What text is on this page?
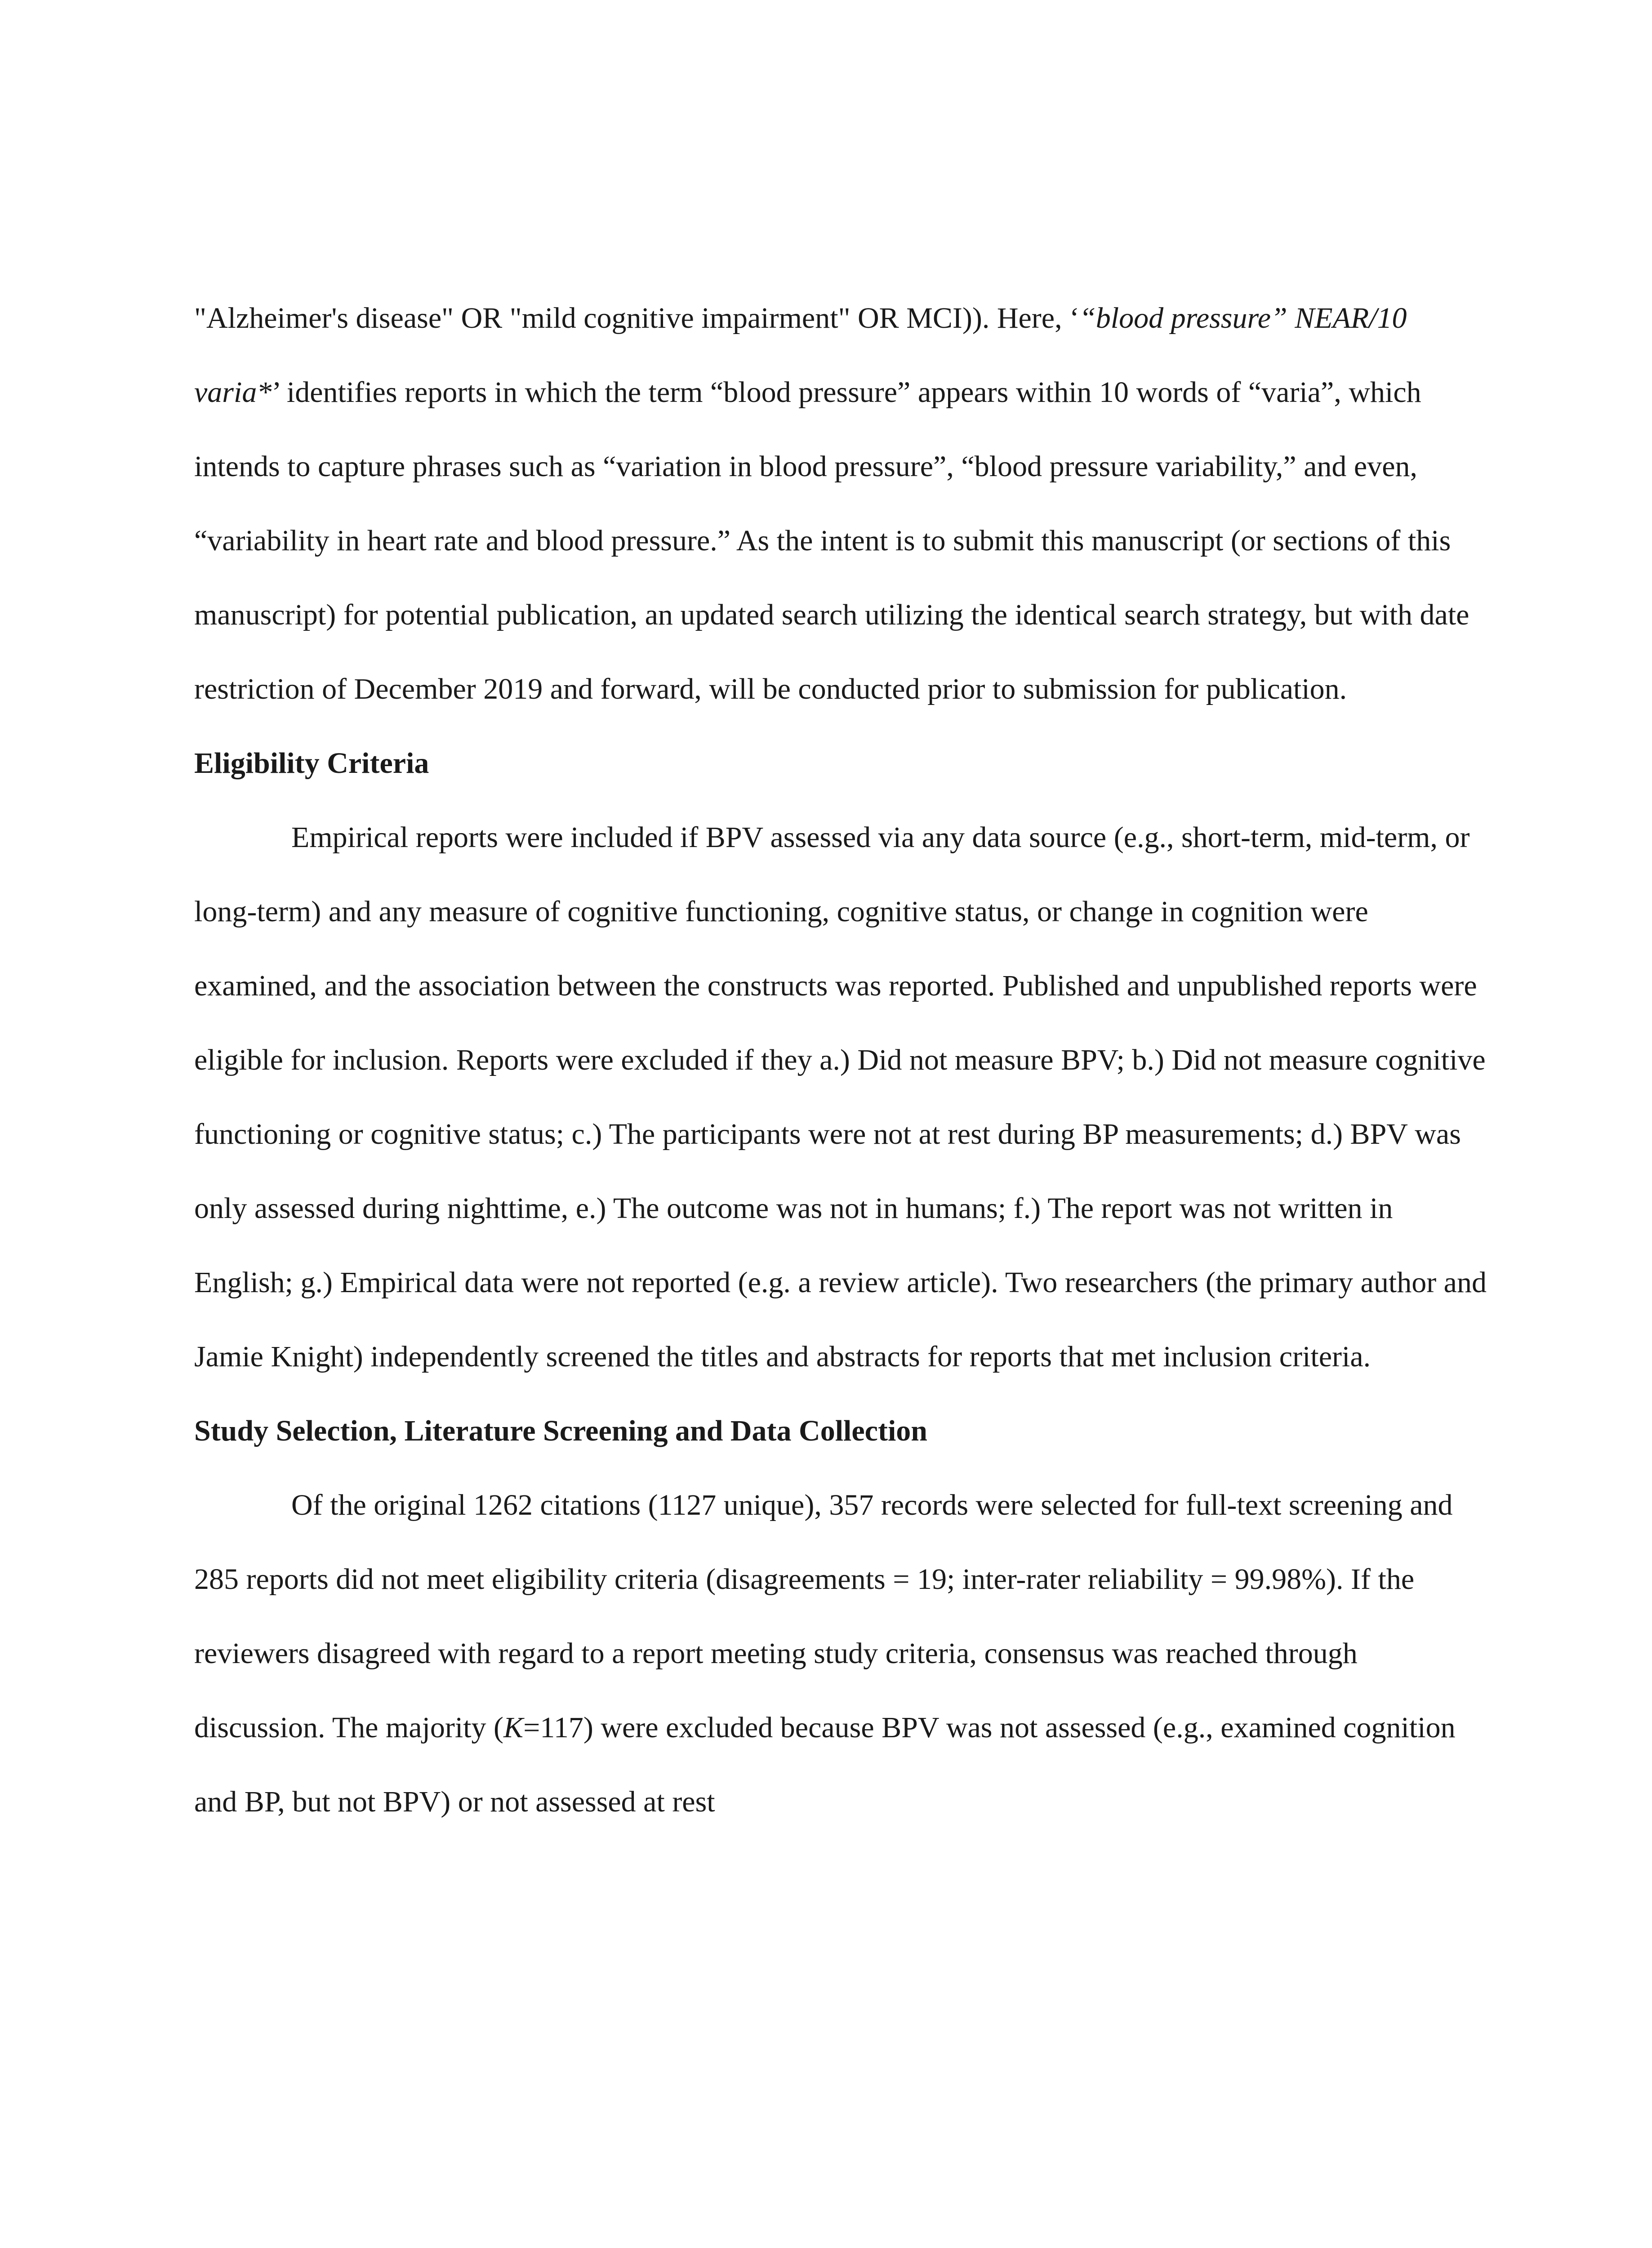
"Alzheimer's disease" OR "mild cognitive impairment" OR MCI)). Here, ‘“blood pressure” NEAR/10 varia*’ identifies reports in which the term “blood pressure” appears within 10 words of “varia”, which intends to capture phrases such as “variation in blood pressure”, “blood pressure variability,” and even, “variability in heart rate and blood pressure.” As the intent is to submit this manuscript (or sections of this manuscript) for potential publication, an updated search utilizing the identical search strategy, but with date restriction of December 2019 and forward, will be conducted prior to submission for publication.

Eligibility Criteria

Empirical reports were included if BPV assessed via any data source (e.g., short-term, mid-term, or long-term) and any measure of cognitive functioning, cognitive status, or change in cognition were examined, and the association between the constructs was reported. Published and unpublished reports were eligible for inclusion. Reports were excluded if they a.) Did not measure BPV; b.) Did not measure cognitive functioning or cognitive status; c.) The participants were not at rest during BP measurements; d.) BPV was only assessed during nighttime, e.) The outcome was not in humans; f.) The report was not written in English; g.) Empirical data were not reported (e.g. a review article). Two researchers (the primary author and Jamie Knight) independently screened the titles and abstracts for reports that met inclusion criteria.

Study Selection, Literature Screening and Data Collection

Of the original 1262 citations (1127 unique), 357 records were selected for full-text screening and 285 reports did not meet eligibility criteria (disagreements = 19; inter-rater reliability = 99.98%). If the reviewers disagreed with regard to a report meeting study criteria, consensus was reached through discussion. The majority (K=117) were excluded because BPV was not assessed (e.g., examined cognition and BP, but not BPV) or not assessed at rest
